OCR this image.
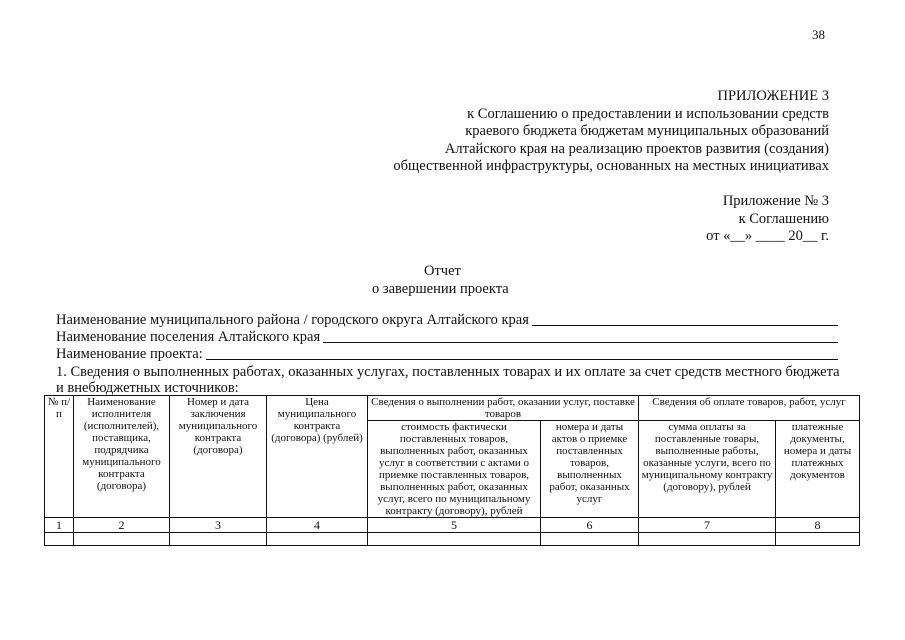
38
ПРИЛОЖЕНИЕ 3
к Соглашению о предоставлении и использовании средств
краевого бюджета бюджетам муниципальных образований
Алтайского края на реализацию проектов развития (создания)
общественной инфраструктуры, основанных на местных инициативах
Приложение № 3
к Соглашению
от «__» ____ 20__ г.
Отчет
о завершении проекта
Наименование муниципального района / городского округа Алтайского края
Наименование поселения Алтайского края
Наименование проекта:
1. Сведения о выполненных работах, оказанных услугах, поставленных товарах и их оплате за счет средств местного бюджета и внебюджетных источников:
№ п/п	Наименование исполнителя (исполнителей), поставщика, подрядчика муниципального контракта (договора)	Номер и дата заключения муниципального контракта (договора)	Цена муниципального контракта (договора) (рублей)	Сведения о выполнении работ, оказании услуг, поставке товаров		Сведения об оплате товаров, работ, услуг	
				стоимость фактически поставленных товаров, выполненных работ, оказанных услуг в соответствии с актами о приемке поставленных товаров, выполненных работ, оказанных услуг, всего по муниципальному контракту (договору), рублей	номера и даты актов о приемке поставленных товаров, выполненных работ, оказанных услуг	сумма оплаты за поставленные товары, выполненные работы, оказанные услуги, всего по муниципальному контракту (договору), рублей	платежные документы, номера и даты платежных документов
1	2	3	4	5	6	7	8
